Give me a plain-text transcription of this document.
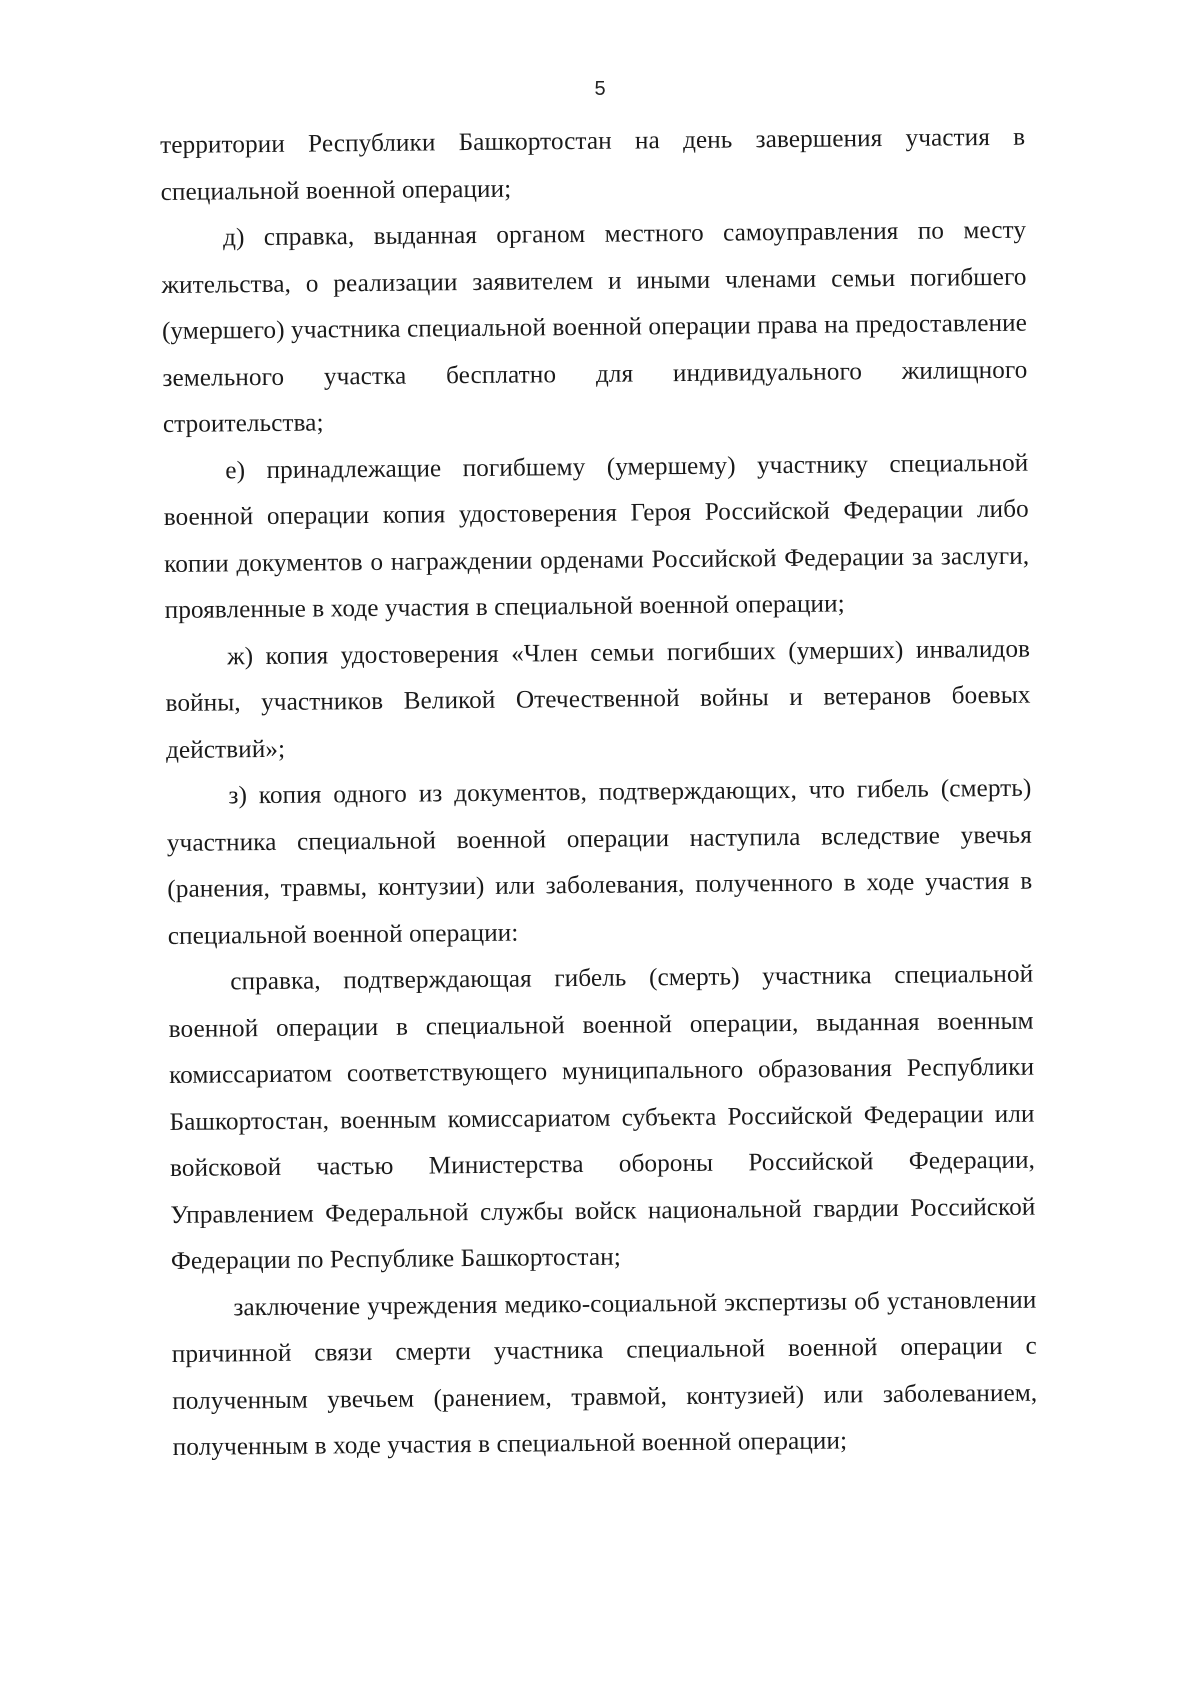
5

территории Республики Башкортостан на день завершения участия в специальной военной операции;

д) справка, выданная органом местного самоуправления по месту жительства, о реализации заявителем и иными членами семьи погибшего (умершего) участника специальной военной операции права на предоставление земельного участка бесплатно для индивидуального жилищного строительства;

е) принадлежащие погибшему (умершему) участнику специальной военной операции копия удостоверения Героя Российской Федерации либо копии документов о награждении орденами Российской Федерации за заслуги, проявленные в ходе участия в специальной военной операции;

ж) копия удостоверения «Член семьи погибших (умерших) инвалидов войны, участников Великой Отечественной войны и ветеранов боевых действий»;

з) копия одного из документов, подтверждающих, что гибель (смерть) участника специальной военной операции наступила вследствие увечья (ранения, травмы, контузии) или заболевания, полученного в ходе участия в специальной военной операции:

справка, подтверждающая гибель (смерть) участника специальной военной операции в специальной военной операции, выданная военным комиссариатом соответствующего муниципального образования Республики Башкортостан, военным комиссариатом субъекта Российской Федерации или войсковой частью Министерства обороны Российской Федерации, Управлением Федеральной службы войск национальной гвардии Российской Федерации по Республике Башкортостан;

заключение учреждения медико-социальной экспертизы об установлении причинной связи смерти участника специальной военной операции с полученным увечьем (ранением, травмой, контузией) или заболеванием, полученным в ходе участия в специальной военной операции;
